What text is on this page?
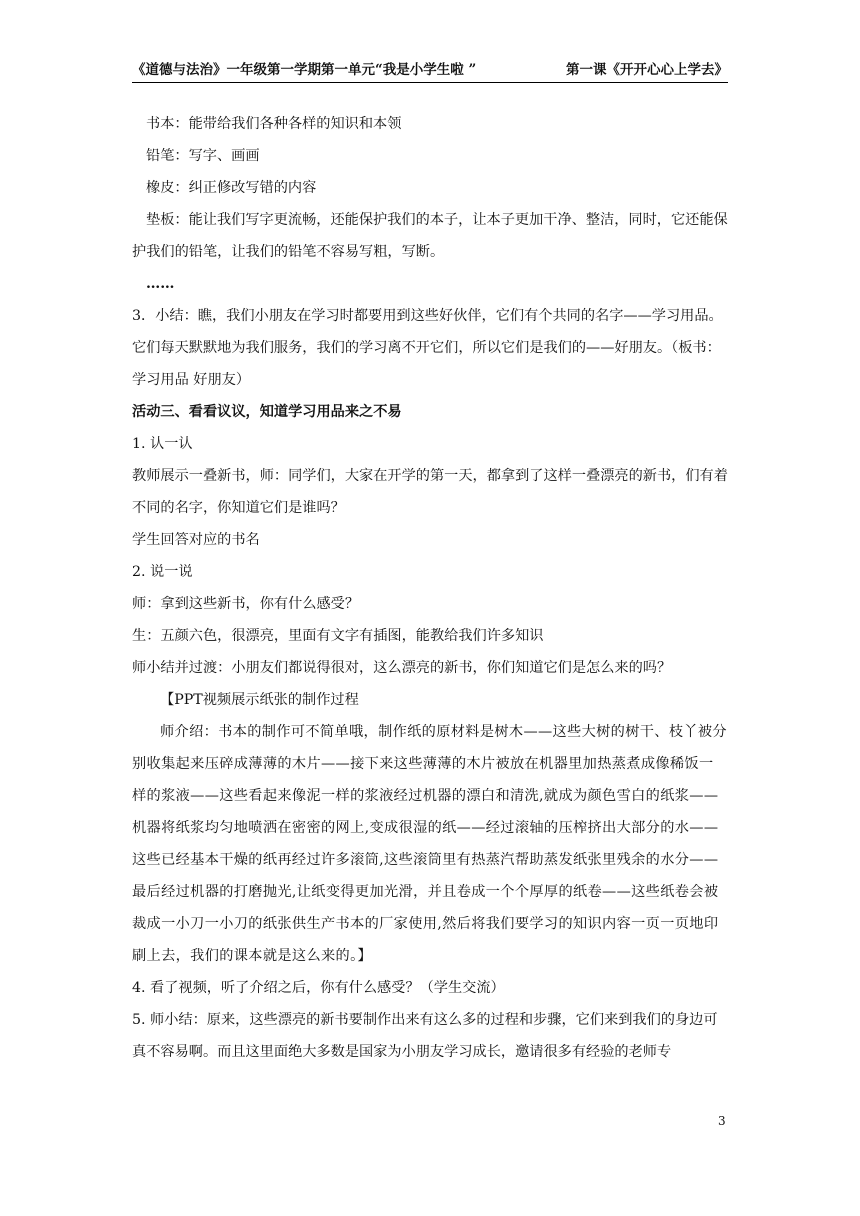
《道德与法治》一年级第一学期第一单元“我是小学生啦 ”	第一课《开开心心上学去》

书本：能带给我们各种各样的知识和本领

铅笔：写字、画画

橡皮：纠正修改写错的内容

垫板：能让我们写字更流畅，还能保护我们的本子，让本子更加干净、整洁，同时，它还能保护我们的铅笔，让我们的铅笔不容易写粗，写断。

……

3．小结：瞧，我们小朋友在学习时都要用到这些好伙伴，它们有个共同的名字——学习用品。它们每天默默地为我们服务，我们的学习离不开它们，所以它们是我们的——好朋友。（板书：学习用品 好朋友）

活动三、看看议议，知道学习用品来之不易

1. 认一认

教师展示一叠新书，师：同学们，大家在开学的第一天，都拿到了这样一叠漂亮的新书，们有着不同的名字，你知道它们是谁吗？

学生回答对应的书名

2. 说一说

师：拿到这些新书，你有什么感受？

生：五颜六色，很漂亮，里面有文字有插图，能教给我们许多知识

师小结并过渡：小朋友们都说得很对，这么漂亮的新书，你们知道它们是怎么来的吗？

【PPT视频展示纸张的制作过程

师介绍：书本的制作可不简单哦，制作纸的原材料是树木——这些大树的树干、枝丫被分别收集起来压碎成薄薄的木片——接下来这些薄薄的木片被放在机器里加热蒸煮成像稀饭一样的浆液——这些看起来像泥一样的浆液经过机器的漂白和清洗,就成为颜色雪白的纸浆——机器将纸浆均匀地喷洒在密密的网上,变成很湿的纸——经过滚轴的压榨挤出大部分的水——这些已经基本干燥的纸再经过许多滚筒,这些滚筒里有热蒸汽帮助蒸发纸张里残余的水分——最后经过机器的打磨抛光,让纸变得更加光滑，并且卷成一个个厚厚的纸卷——这些纸卷会被裁成一小刀一小刀的纸张供生产书本的厂家使用,然后将我们要学习的知识内容一页一页地印刷上去，我们的课本就是这么来的。】

4. 看了视频，听了介绍之后，你有什么感受？（学生交流）

5. 师小结：原来，这些漂亮的新书要制作出来有这么多的过程和步骤，它们来到我们的身边可真不容易啊。而且这里面绝大多数是国家为小朋友学习成长，邀请很多有经验的老师专

3
